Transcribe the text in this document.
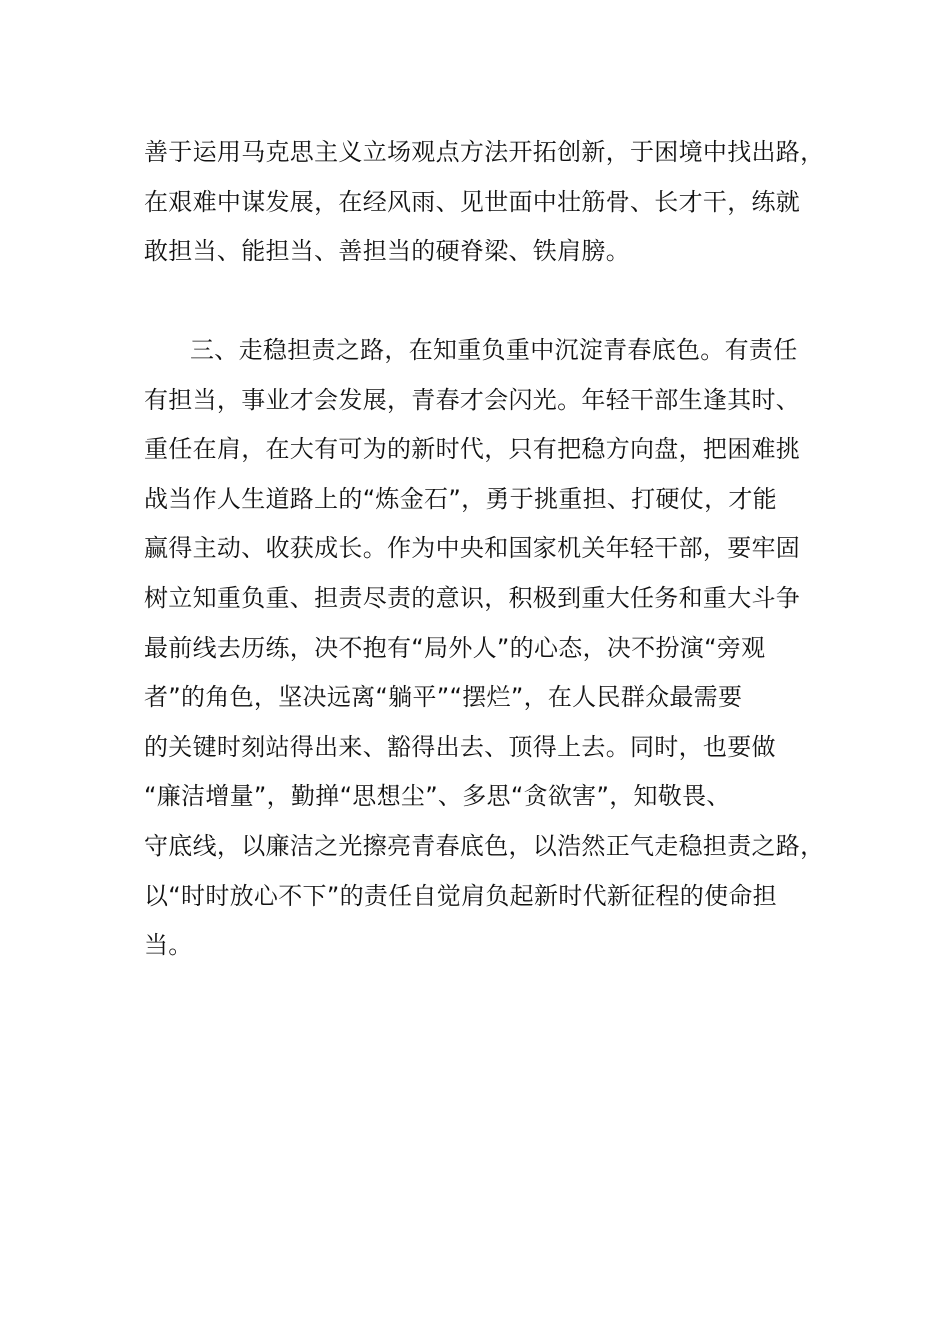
善于运用马克思主义立场观点方法开拓创新，于困境中找出路，
在艰难中谋发展，在经风雨、见世面中壮筋骨、长才干，练就
敢担当、能担当、善担当的硬脊梁、铁肩膀。
三、走稳担责之路，在知重负重中沉淀青春底色。有责任
有担当，事业才会发展，青春才会闪光。年轻干部生逢其时、
重任在肩，在大有可为的新时代，只有把稳方向盘，把困难挑
战当作人生道路上的“炼金石”，勇于挑重担、打硬仗，才能
赢得主动、收获成长。作为中央和国家机关年轻干部，要牢固
树立知重负重、担责尽责的意识，积极到重大任务和重大斗争
最前线去历练，决不抱有“局外人”的心态，决不扮演“旁观
者”的角色，坚决远离“躺平”“摆烂”，在人民群众最需要
的关键时刻站得出来、豁得出去、顶得上去。同时，也要做
“廉洁增量”，勤掸“思想尘”、多思“贪欲害”，知敬畏、
守底线，以廉洁之光擦亮青春底色，以浩然正气走稳担责之路，
以“时时放心不下”的责任自觉肩负起新时代新征程的使命担
当。
